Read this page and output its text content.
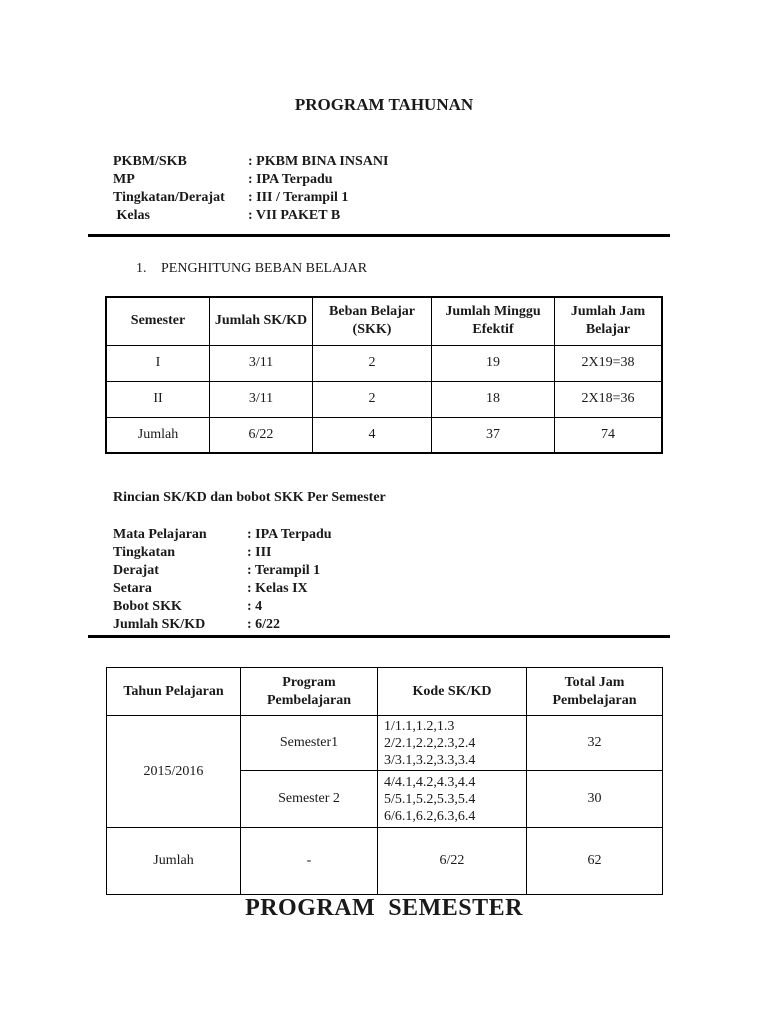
PROGRAM TAHUNAN
PKBM/SKB	: PKBM BINA INSANI
MP	: IPA Terpadu
Tingkatan/Derajat : III / Terampil 1
Kelas	: VII PAKET B
1. PENGHITUNG BEBAN BELAJAR
Semester	Jumlah SK/KD	Beban Belajar (SKK)	Jumlah Minggu Efektif	Jumlah Jam Belajar
I	3/11	2	19	2X19=38
II	3/11	2	18	2X18=36
Jumlah	6/22	4	37	74
Rincian SK/KD dan bobot SKK Per Semester
Mata Pelajaran	: IPA Terpadu
Tingkatan	: III
Derajat	: Terampil 1
Setara	: Kelas IX
Bobot SKK	: 4
Jumlah SK/KD	: 6/22
Tahun Pelajaran	Program Pembelajaran	Kode SK/KD	Total Jam Pembelajaran
2015/2016	Semester1	1/1.1,1.2,1.3
2/2.1,2.2,2.3,2.4
3/3.1,3.2,3.3,3.4	32
	Semester 2	4/4.1,4.2,4.3,4.4
5/5.1,5.2,5.3,5.4
6/6.1,6.2,6.3,6.4	30
Jumlah	-	6/22	62
PROGRAM  SEMESTER
